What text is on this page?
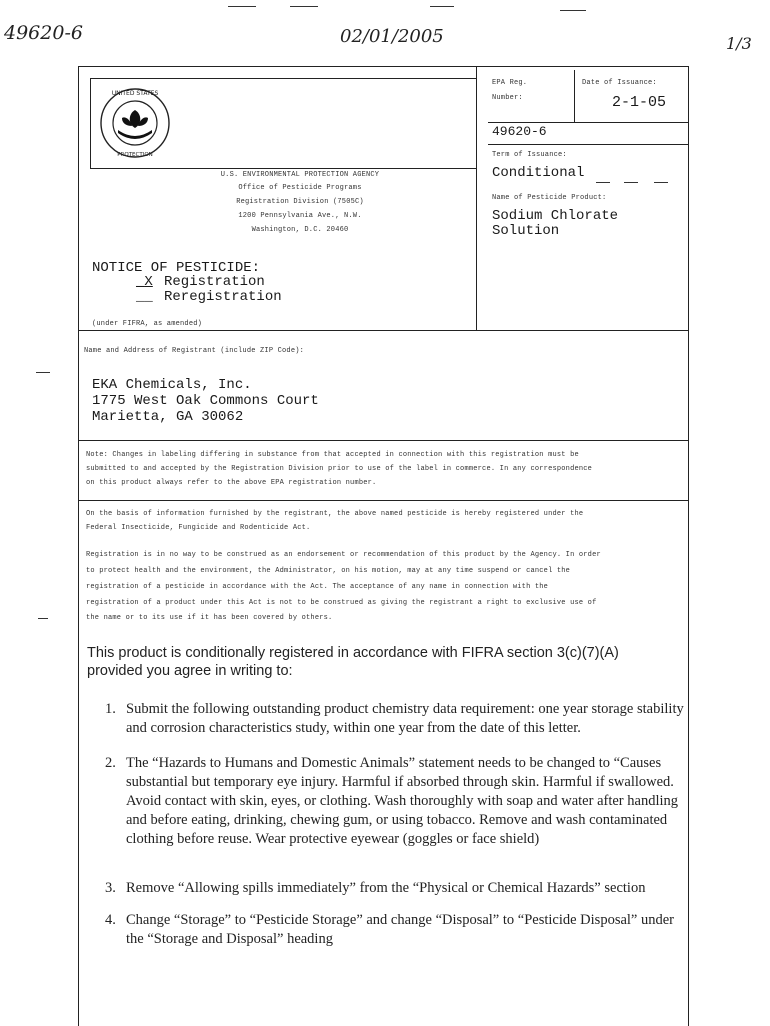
49620-6	02/01/2005	1/3
UNITED STATES
PROTECTION
U.S. ENVIRONMENTAL PROTECTION AGENCY
Office of Pesticide Programs
Registration Division (7505C)
1200 Pennsylvania Ave., N.W.
Washington, D.C. 20460
EPA Reg.
Number:
Date of Issuance:
2-1-05
49620-6
Term of Issuance:
Conditional
Name of Pesticide Product:
Sodium Chlorate
Solution
NOTICE OF PESTICIDE:
_X Registration
__ Reregistration
(under FIFRA, as amended)
Name and Address of Registrant (include ZIP Code):
EKA Chemicals, Inc.
1775 West Oak Commons Court
Marietta, GA 30062
Note: Changes in labeling differing in substance from that accepted in connection with this registration must be
submitted to and accepted by the Registration Division prior to use of the label in commerce. In any correspondence
on this product always refer to the above EPA registration number.
On the basis of information furnished by the registrant, the above named pesticide is hereby registered under the
Federal Insecticide, Fungicide and Rodenticide Act.
Registration is in no way to be construed as an endorsement or recommendation of this product by the Agency. In order
to protect health and the environment, the Administrator, on his motion, may at any time suspend or cancel the
registration of a pesticide in accordance with the Act. The acceptance of any name in connection with the
registration of a product under this Act is not to be construed as giving the registrant a right to exclusive use of
the name or to its use if it has been covered by others.
This product is conditionally registered in accordance with FIFRA section 3(c)(7)(A)
provided you agree in writing to:
1. Submit the following outstanding product chemistry data requirement: one year storage stability and corrosion characteristics study, within one year from the date of this letter.
2. The “Hazards to Humans and Domestic Animals” statement needs to be changed to “Causes substantial but temporary eye injury. Harmful if absorbed through skin. Harmful if swallowed. Avoid contact with skin, eyes, or clothing. Wash thoroughly with soap and water after handling and before eating, drinking, chewing gum, or using tobacco. Remove and wash contaminated clothing before reuse. Wear protective eyewear (goggles or face shield)
3. Remove “Allowing spills immediately” from the “Physical or Chemical Hazards” section
4. Change “Storage” to “Pesticide Storage” and change “Disposal” to “Pesticide Disposal” under the “Storage and Disposal” heading
